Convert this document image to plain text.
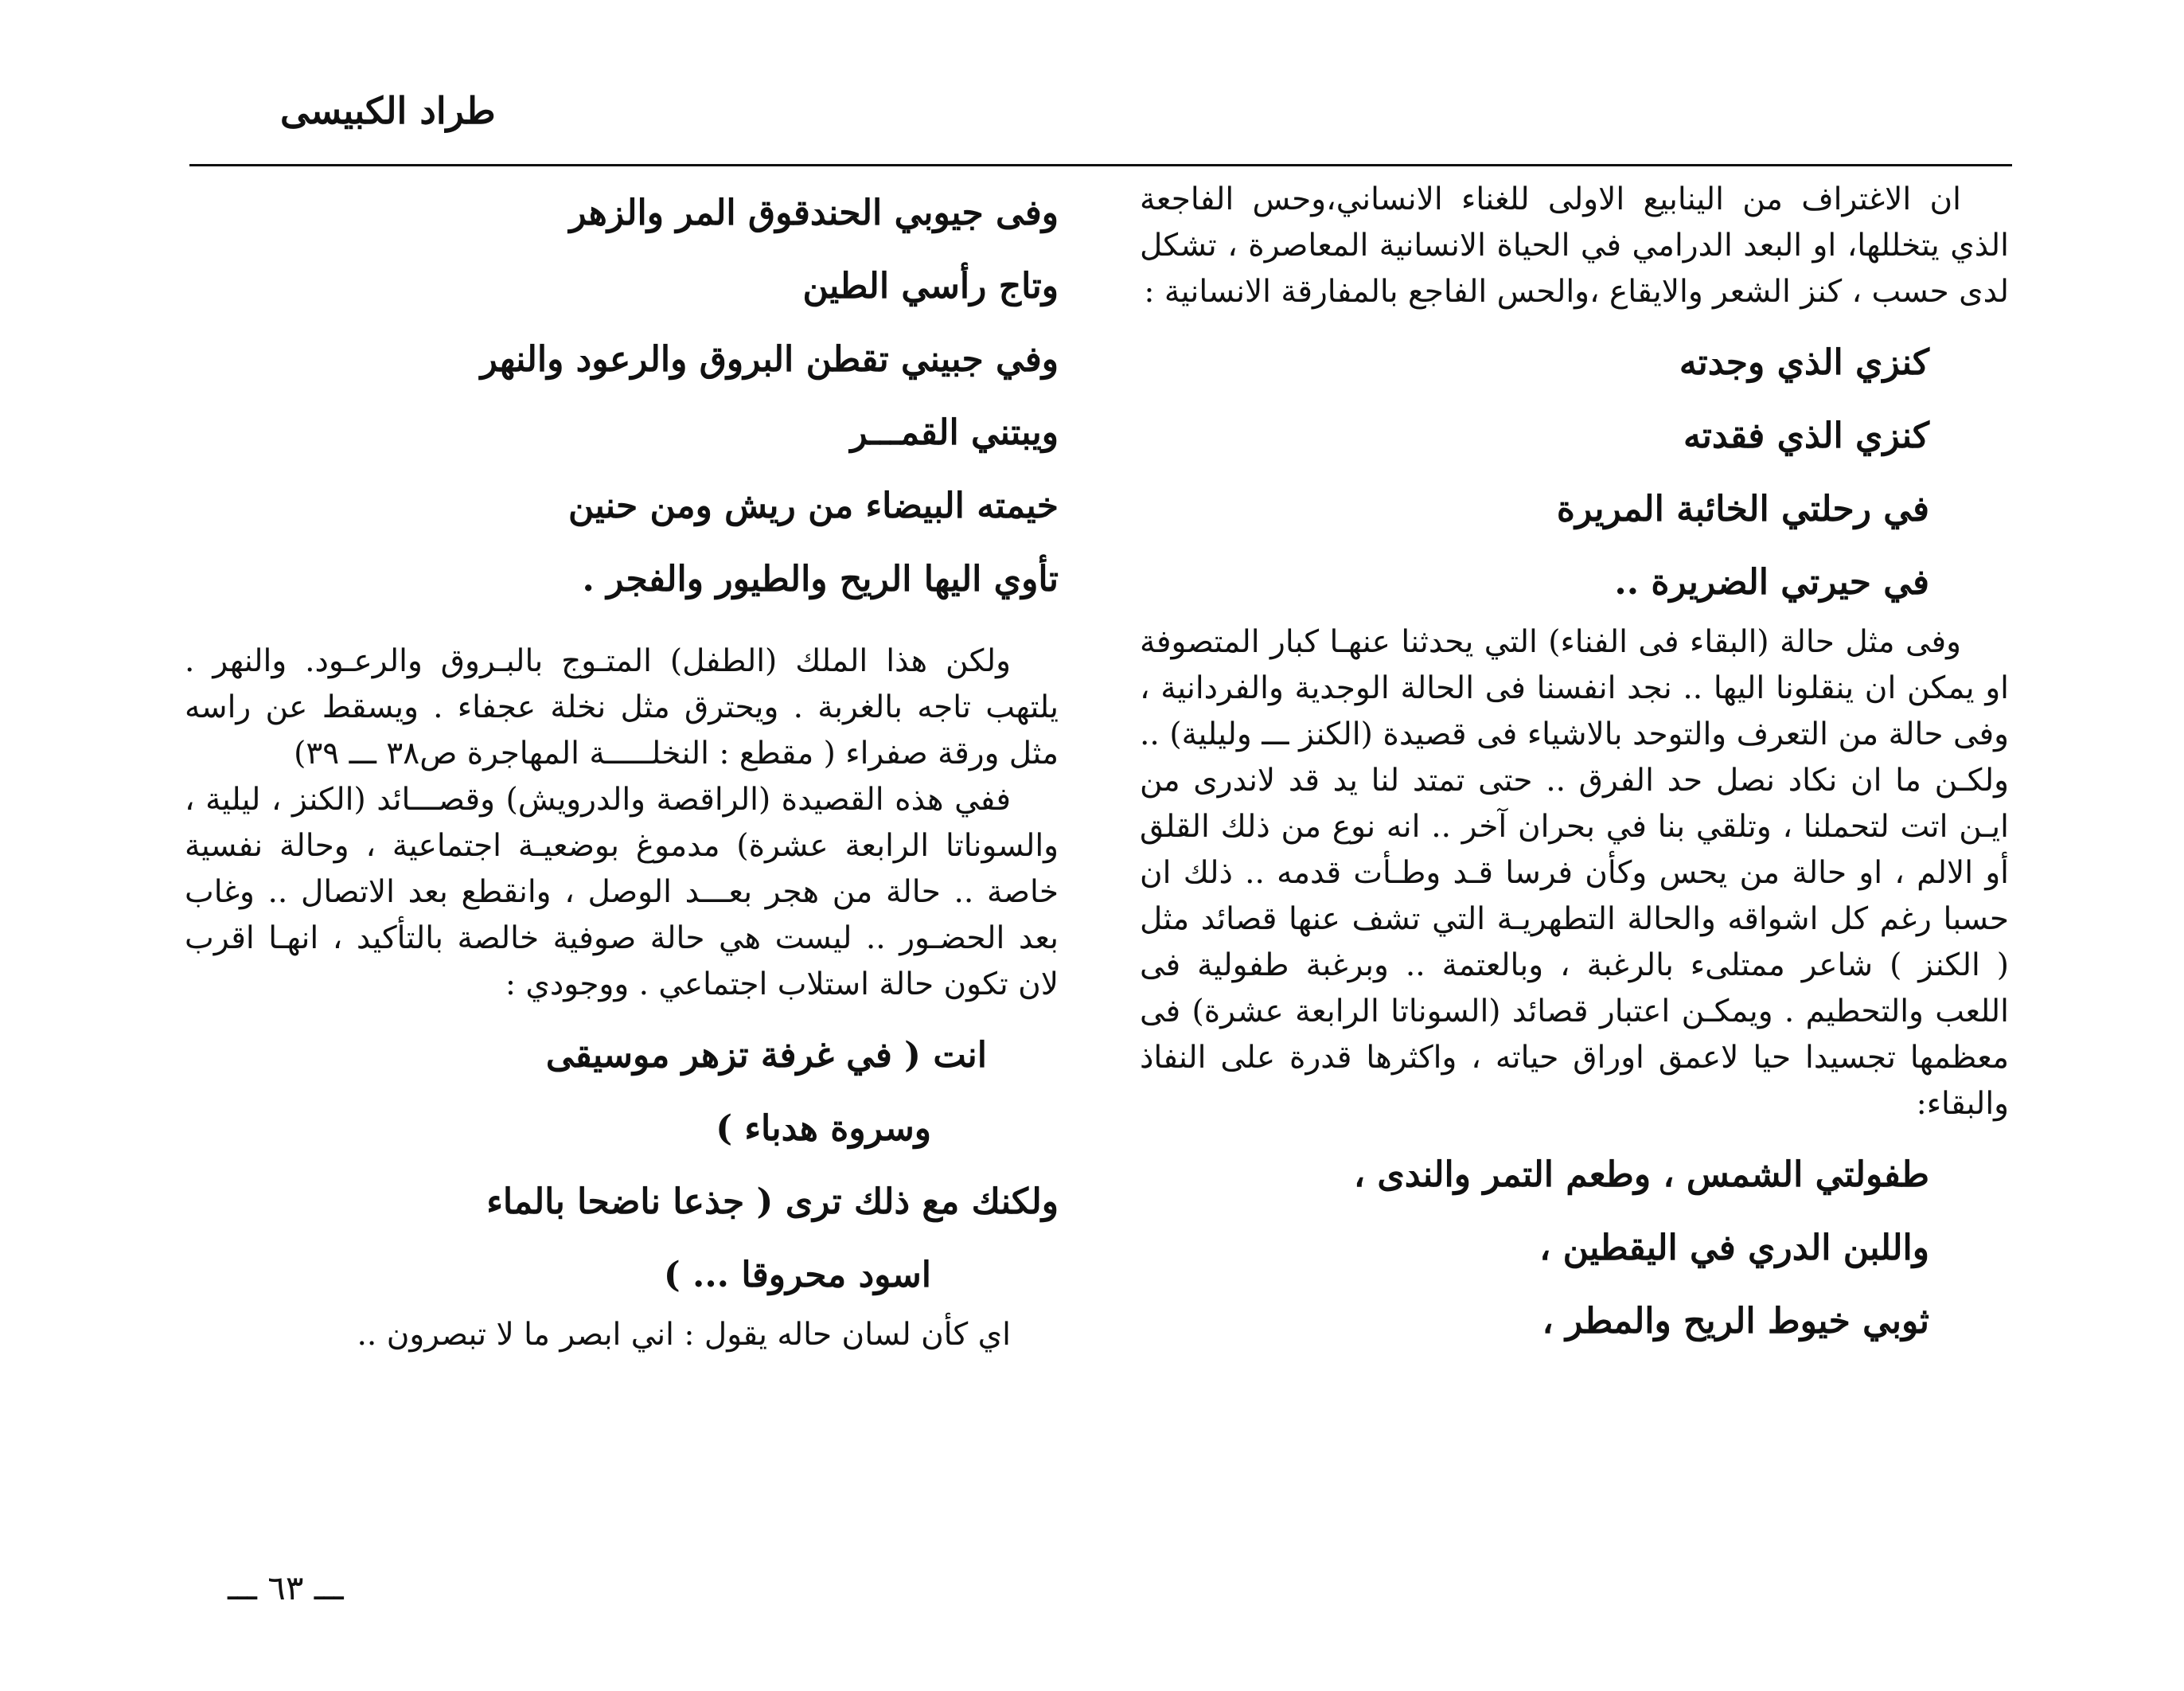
طراد الكبيسى

ان الاغتراف من الينابيع الاولى للغناء الانساني،وحس الفاجعة الذي يتخللها، او البعد الدرامي في الحياة الانسانية المعاصرة ، تشكل لدى حسب ، كنز الشعر والايقاع ،والحس الفاجع بالمفارقة الانسانية :

كنزي الذي وجدته

كنزي الذي فقدته

في رحلتي الخائبة المريرة

في حيرتي الضريرة ..

وفى مثل حالة (البقاء فى الفناء) التي يحدثنا عنهـا كبار المتصوفة او يمكن ان ينقلونا اليها .. نجد انفسنا فى الحالة الوجدية والفردانية ، وفى حالة من التعرف والتوحد بالاشياء فى قصيدة (الكنز ـــ وليلية) .. ولكـن ما ان نكاد نصل حد الفرق .. حتى تمتد لنا يد قد لاندرى من ايـن اتت لتحملنا ، وتلقي بنا في بحران آخر .. انه نوع من ذلك القلق أو الالم ، او حالة من يحس وكأن فرسا قـد وطـأت قدمه .. ذلك ان حسبا رغم كل اشواقه والحالة التطهريـة التي تشف عنها قصائد مثل ( الكنز ) شاعر ممتلىء بالرغبة ، وبالعتمة .. وبرغبة طفولية فى اللعب والتحطيم . ويمكـن اعتبار قصائد (السوناتا الرابعة عشرة) فى معظمها تجسيدا حيا لاعمق اوراق حياته ، واكثرها قدرة على النفاذ والبقاء:

طفولتي الشمس ، وطعم التمر والندى ،

واللبن الدري في اليقطين ،

ثوبي خيوط الريح والمطر ،

وفى جيوبي الحندقوق المر والزهر

وتاج رأسي الطين

وفي جبيني تقطن البروق والرعود والنهر

ويبتني القمـــر

خيمته البيضاء من ريش ومن حنين

تأوي اليها الريح والطيور والفجر .

ولكن هذا الملك (الطفل) المتـوج بالبـروق والرعـود. والنهر . يلتهب تاجه بالغربة . ويحترق مثل نخلة عجفاء . ويسقط عن راسه مثل ورقة صفراء ( مقطع : النخلـــــة المهاجرة ص٣٨ ـــ ٣٩)

ففي هذه القصيدة (الراقصة والدرويش) وقصـــائد (الكنز ، ليلية ، والسوناتا الرابعة عشرة) مدموغ بوضعيـة اجتماعية ، وحالة نفسية خاصة .. حالة من هجر بعـــد الوصل ، وانقطع بعد الاتصال .. وغاب بعد الحضـور .. ليست هي حالة صوفية خالصة بالتأكيد ، انهـا اقرب لان تكون حالة استلاب اجتماعي . ووجودي :

انت ( في غرفة تزهر موسيقى

وسروة هدباء )

ولكنك مع ذلك ترى ( جذعا ناضحا بالماء

اسود محروقا ... )

اي كأن لسان حاله يقول : اني ابصر ما لا تبصرون ..

ـــ ٦٣ ـــ
